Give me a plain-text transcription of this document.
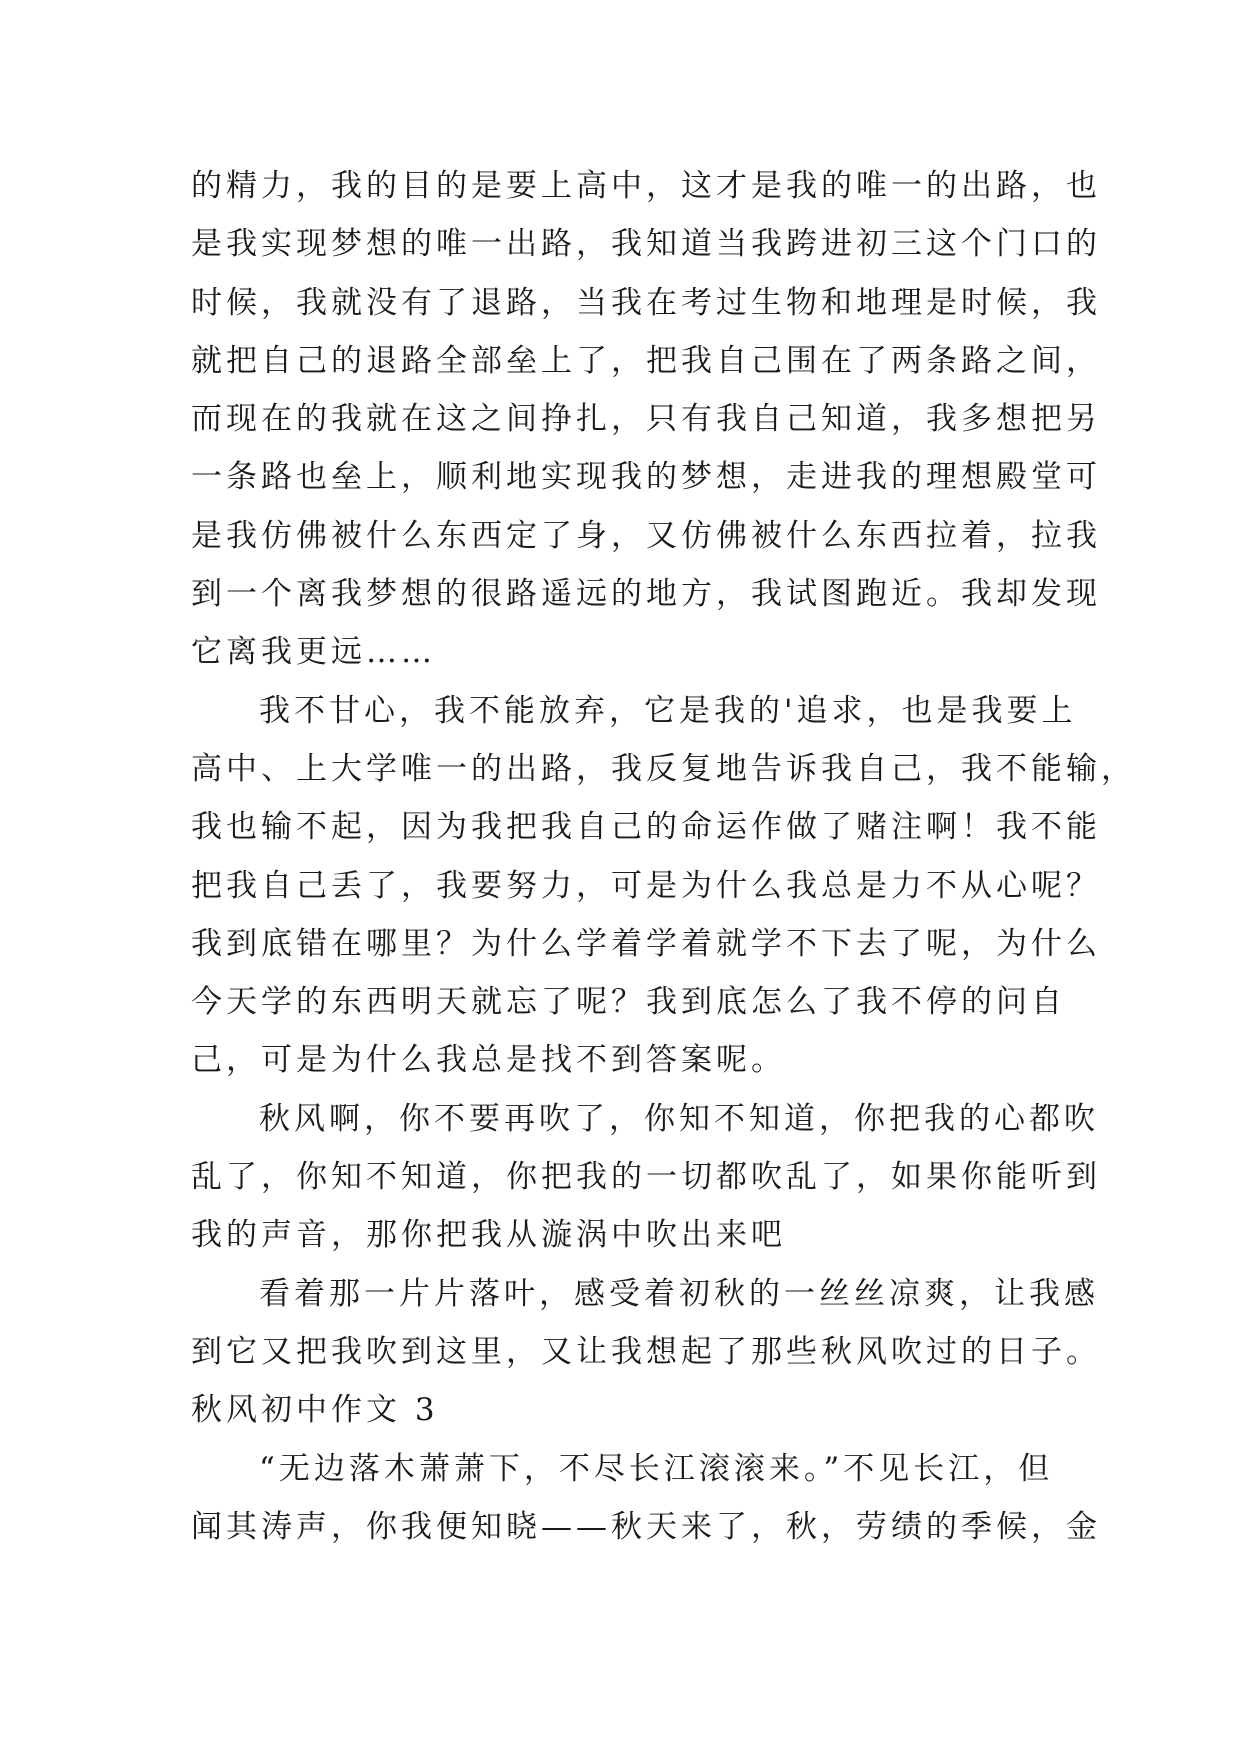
的精力，我的目的是要上高中，这才是我的唯一的出路，也
是我实现梦想的唯一出路，我知道当我跨进初三这个门口的
时候，我就没有了退路，当我在考过生物和地理是时候，我
就把自己的退路全部垒上了，把我自己围在了两条路之间，
而现在的我就在这之间挣扎，只有我自己知道，我多想把另
一条路也垒上，顺利地实现我的梦想，走进我的理想殿堂可
是我仿佛被什么东西定了身，又仿佛被什么东西拉着，拉我
到一个离我梦想的很路遥远的地方，我试图跑近。我却发现
它离我更远……
我不甘心，我不能放弃，它是我的'追求，也是我要上
高中、上大学唯一的出路，我反复地告诉我自己，我不能输，
我也输不起，因为我把我自己的命运作做了赌注啊！我不能
把我自己丢了，我要努力，可是为什么我总是力不从心呢？
我到底错在哪里？为什么学着学着就学不下去了呢，为什么
今天学的东西明天就忘了呢？我到底怎么了我不停的问自
己，可是为什么我总是找不到答案呢。
秋风啊，你不要再吹了，你知不知道，你把我的心都吹
乱了，你知不知道，你把我的一切都吹乱了，如果你能听到
我的声音，那你把我从漩涡中吹出来吧
看着那一片片落叶，感受着初秋的一丝丝凉爽，让我感
到它又把我吹到这里，又让我想起了那些秋风吹过的日子。
秋风初中作文 3
“无边落木萧萧下，不尽长江滚滚来。”不见长江，但
闻其涛声，你我便知晓——秋天来了，秋，劳绩的季候，金
